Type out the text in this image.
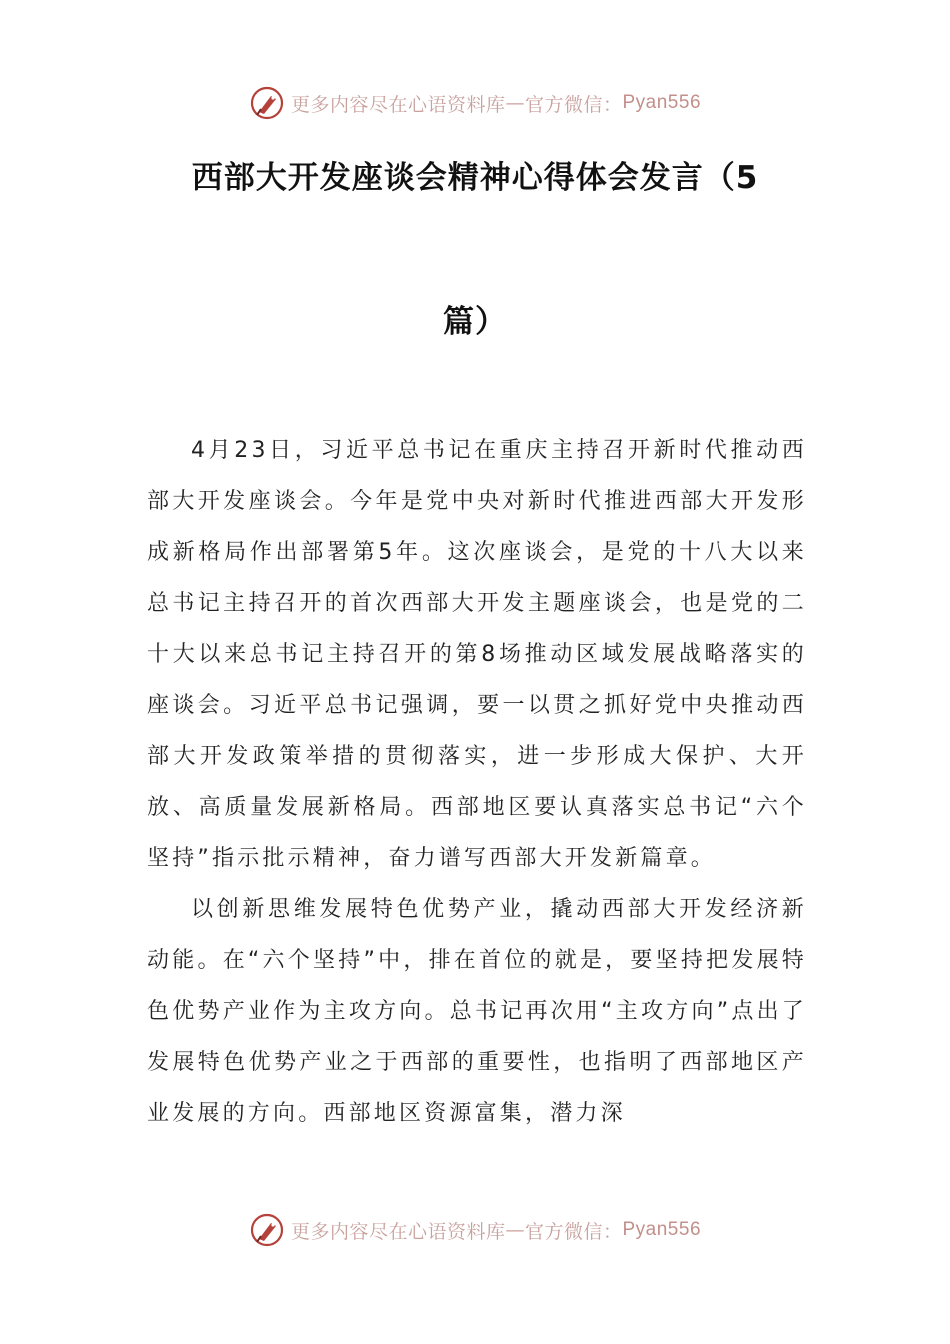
更多内容尽在心语资料库 — 官方微信： Pyan556
西部大开发座谈会精神心得体会发言（5
篇）

4月23日，习近平总书记在重庆主持召开新时代推动西部大开发座谈会。今年是党中央对新时代推进西部大开发形成新格局作出部署第5年。这次座谈会，是党的十八大以来总书记主持召开的首次西部大开发主题座谈会，也是党的二十大以来总书记主持召开的第8场推动区域发展战略落实的座谈会。习近平总书记强调，要一以贯之抓好党中央推动西部大开发政策举措的贯彻落实，进一步形成大保护、大开放、高质量发展新格局。西部地区要认真落实总书记“六个坚持”指示批示精神，奋力谱写西部大开发新篇章。

以创新思维发展特色优势产业，撬动西部大开发经济新动能。在“六个坚持”中，排在首位的就是，要坚持把发展特色优势产业作为主攻方向。总书记再次用“主攻方向”点出了发展特色优势产业之于西部的重要性，也指明了西部地区产业发展的方向。西部地区资源富集，潜力深

更多内容尽在心语资料库 — 官方微信： Pyan556
